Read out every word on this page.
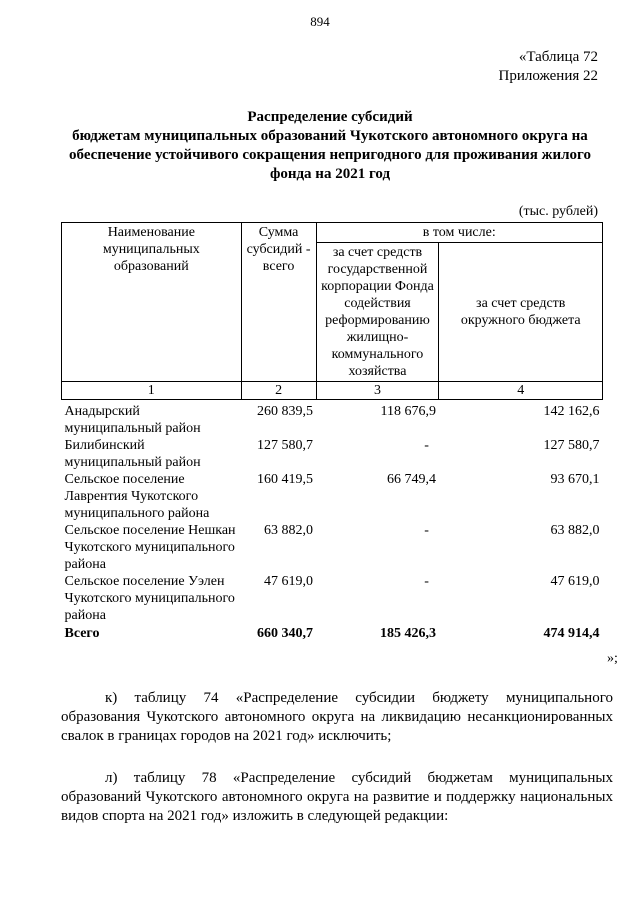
894
«Таблица 72
Приложения 22
Распределение субсидий
бюджетам муниципальных образований Чукотского автономного округа на
обеспечение устойчивого сокращения непригодного для проживания жилого
фонда на 2021 год
(тыс. рублей)
Наименование муниципальных образований	Сумма субсидий - всего	в том числе:	
		за счет средств государственной корпорации Фонда содействия реформированию жилищно-коммунального хозяйства	за счет средств окружного бюджета
1	2	3	4
Анадырский муниципальный район	260 839,5	118 676,9	142 162,6
Билибинский муниципальный район	127 580,7	-	127 580,7
Сельское поселение Лаврентия Чукотского муниципального района	160 419,5	66 749,4	93 670,1
Сельское поселение Нешкан Чукотского муниципального района	63 882,0	-	63 882,0
Сельское поселение Уэлен Чукотского муниципального района	47 619,0	-	47 619,0
Всего	660 340,7	185 426,3	474 914,4
»;
к) таблицу 74 «Распределение субсидии бюджету муниципального образования Чукотского автономного округа на ликвидацию несанкционированных свалок в границах городов на 2021 год» исключить;
л) таблицу 78 «Распределение субсидий бюджетам муниципальных образований Чукотского автономного округа на развитие и поддержку национальных видов спорта на 2021 год» изложить в следующей редакции:
